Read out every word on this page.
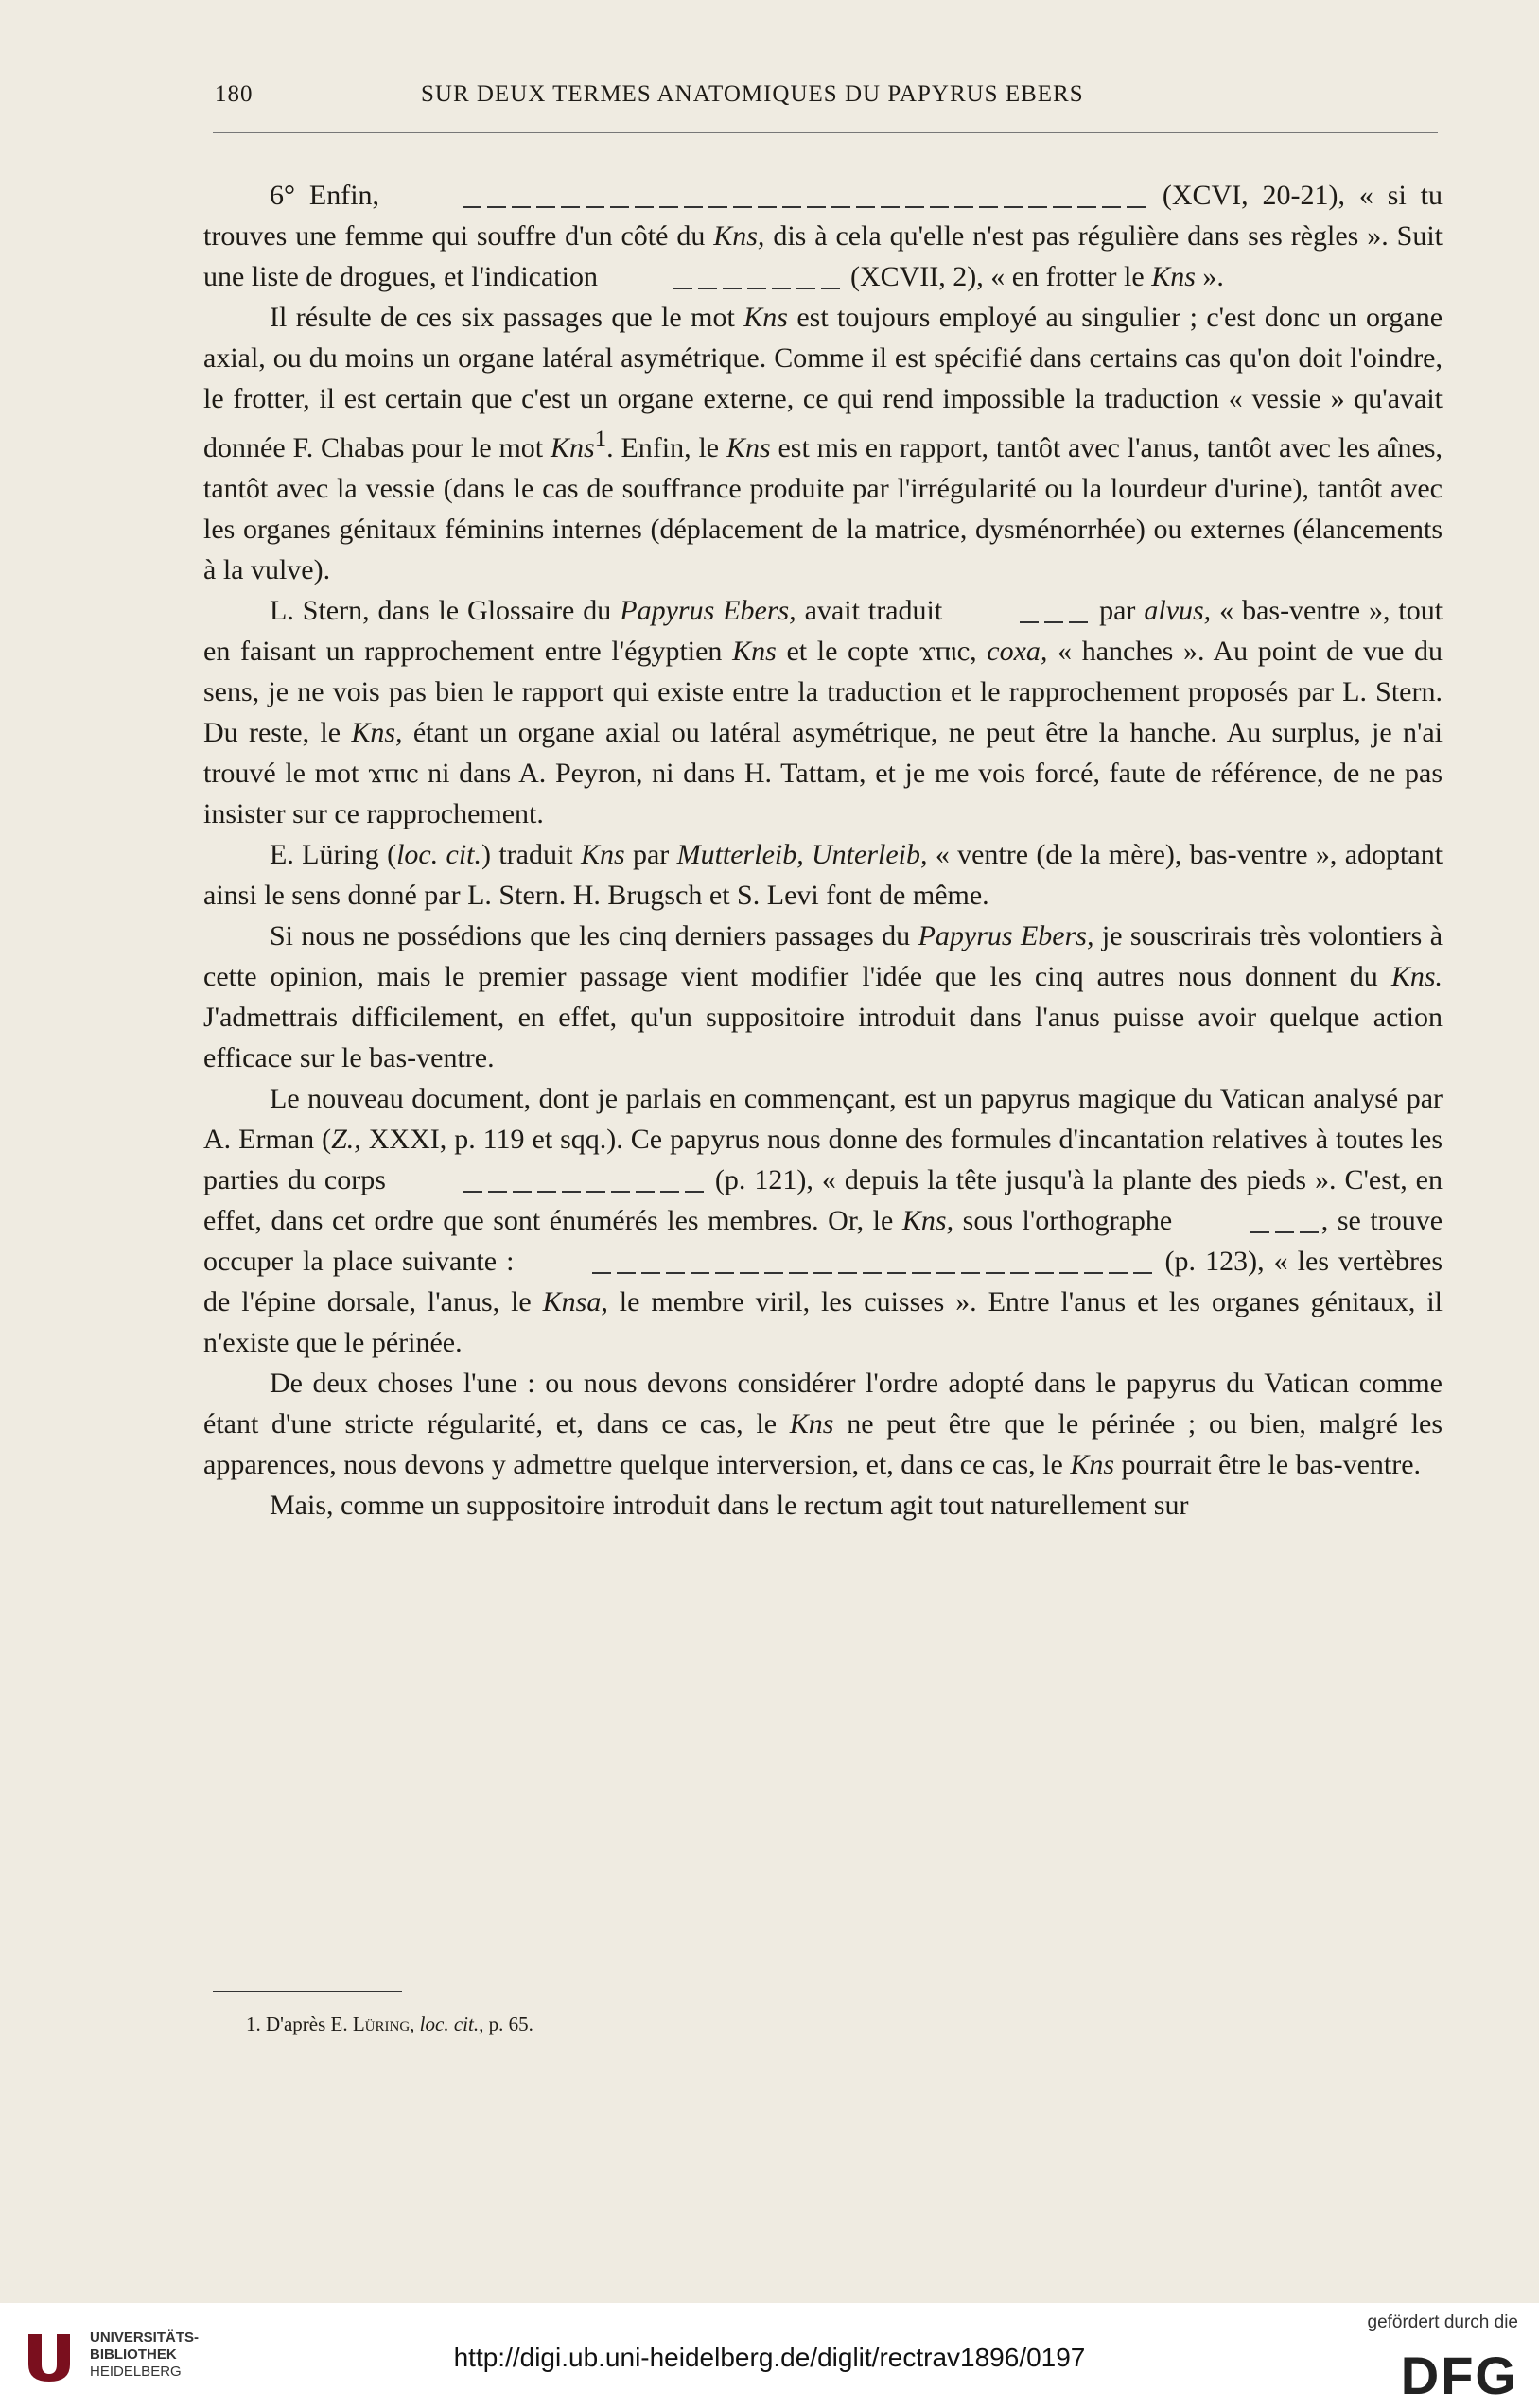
180	SUR DEUX TERMES ANATOMIQUES DU PAPYRUS EBERS

6° Enfin,	(XCVI, 20-21), « si tu trouves une femme qui souffre d'un côté du Kns, dis à cela qu'elle n'est pas régulière dans ses règles ». Suit une liste de drogues, et l'indication	(XCVII, 2), « en frotter le Kns ».

Il résulte de ces six passages que le mot Kns est toujours employé au singulier ; c'est donc un organe axial, ou du moins un organe latéral asymétrique. Comme il est spécifié dans certains cas qu'on doit l'oindre, le frotter, il est certain que c'est un organe externe, ce qui rend impossible la traduction « vessie » qu'avait donnée F. Chabas pour le mot Kns$^1$. Enfin, le Kns est mis en rapport, tantôt avec l'anus, tantôt avec les aînes, tantôt avec la vessie (dans le cas de souffrance produite par l'irrégularité ou la lourdeur d'urine), tantôt avec les organes génitaux féminins internes (déplacement de la matrice, dysménorrhée) ou externes (élancements à la vulve).

L. Stern, dans le Glossaire du Papyrus Ebers, avait traduit	par alvus, « bas-ventre », tout en faisant un rapprochement entre l'égyptien Kns et le copte ϫⲡⲓⲥ, coxa, « hanches ». Au point de vue du sens, je ne vois pas bien le rapport qui existe entre la traduction et le rapprochement proposés par L. Stern. Du reste, le Kns, étant un organe axial ou latéral asymétrique, ne peut être la hanche. Au surplus, je n'ai trouvé le mot ϫⲡⲓⲥ ni dans A. Peyron, ni dans H. Tattam, et je me vois forcé, faute de référence, de ne pas insister sur ce rapprochement.

E. Lüring (loc. cit.) traduit Kns par Mutterleib, Unterleib, « ventre (de la mère), bas-ventre », adoptant ainsi le sens donné par L. Stern. H. Brugsch et S. Levi font de même.

Si nous ne possédions que les cinq derniers passages du Papyrus Ebers, je souscrirais très volontiers à cette opinion, mais le premier passage vient modifier l'idée que les cinq autres nous donnent du Kns. J'admettrais difficilement, en effet, qu'un suppositoire introduit dans l'anus puisse avoir quelque action efficace sur le bas-ventre.

Le nouveau document, dont je parlais en commençant, est un papyrus magique du Vatican analysé par A. Erman (Z., XXXI, p. 119 et sqq.). Ce papyrus nous donne des formules d'incantation relatives à toutes les parties du corps	(p. 121), « depuis la tête jusqu'à la plante des pieds ». C'est, en effet, dans cet ordre que sont énumérés les membres. Or, le Kns, sous l'orthographe	, se trouve occuper la place suivante :	(p. 123), « les vertèbres de l'épine dorsale, l'anus, le Knsa, le membre viril, les cuisses ». Entre l'anus et les organes génitaux, il n'existe que le périnée.

De deux choses l'une : ou nous devons considérer l'ordre adopté dans le papyrus du Vatican comme étant d'une stricte régularité, et, dans ce cas, le Kns ne peut être que le périnée ; ou bien, malgré les apparences, nous devons y admettre quelque interversion, et, dans ce cas, le Kns pourrait être le bas-ventre.

Mais, comme un suppositoire introduit dans le rectum agit tout naturellement sur

1. D'après E. Lüring, loc. cit., p. 65.
UNIVERSITÄTS-
BIBLIOTHEK
HEIDELBERG	http://digi.ub.uni-heidelberg.de/diglit/rectrav1896/0197
gefördert durch die
DFG
